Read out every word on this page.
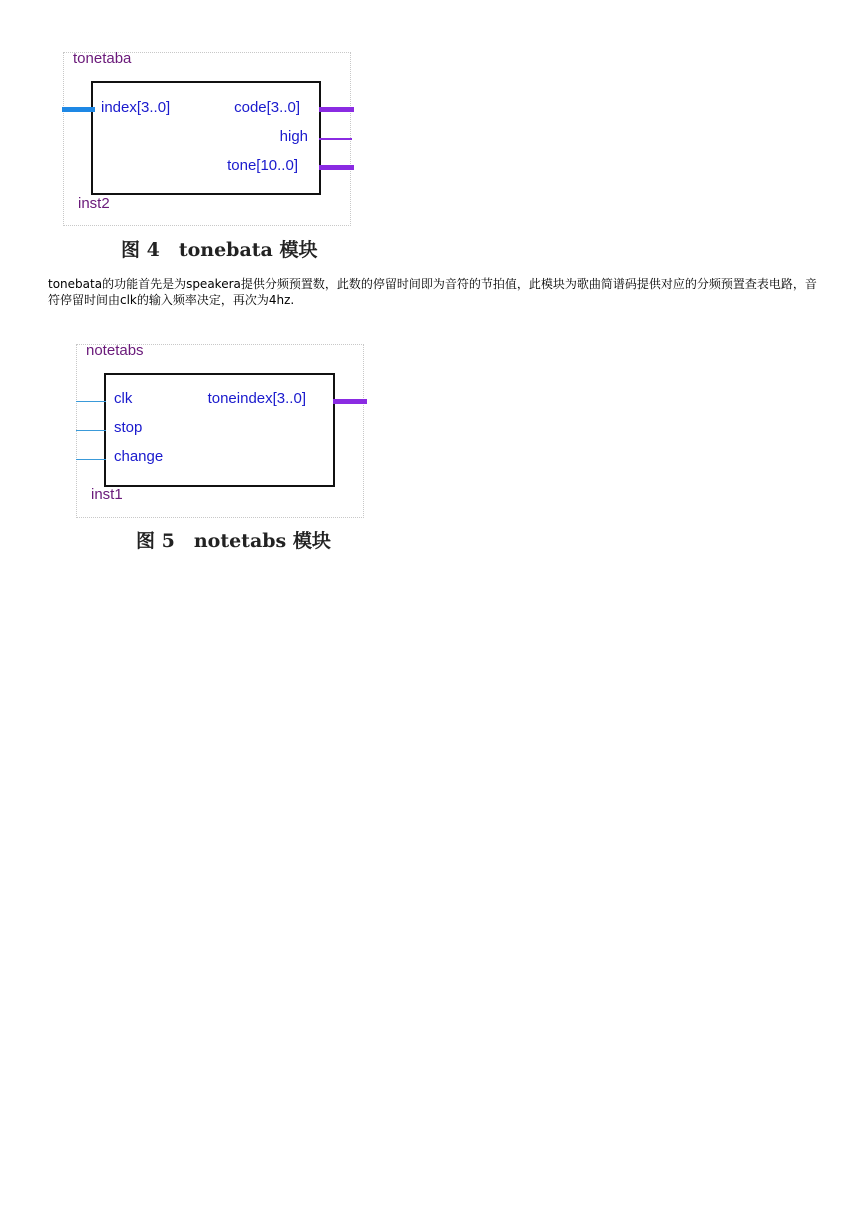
tonetaba
index[3..0]	code[3..0]
high
tone[10..0]
inst2
图 4　tonebata 模块

tonebata的功能首先是为speakera提供分频预置数，此数的停留时间即为音符的节拍值，此模块为歌曲简谱码提供对应的分频预置查表电路，音符停留时间由clk的输入频率决定，再次为4hz.

notetabs
clk
stop
change
toneindex[3..0]
inst1
图 5　notetabs 模块
